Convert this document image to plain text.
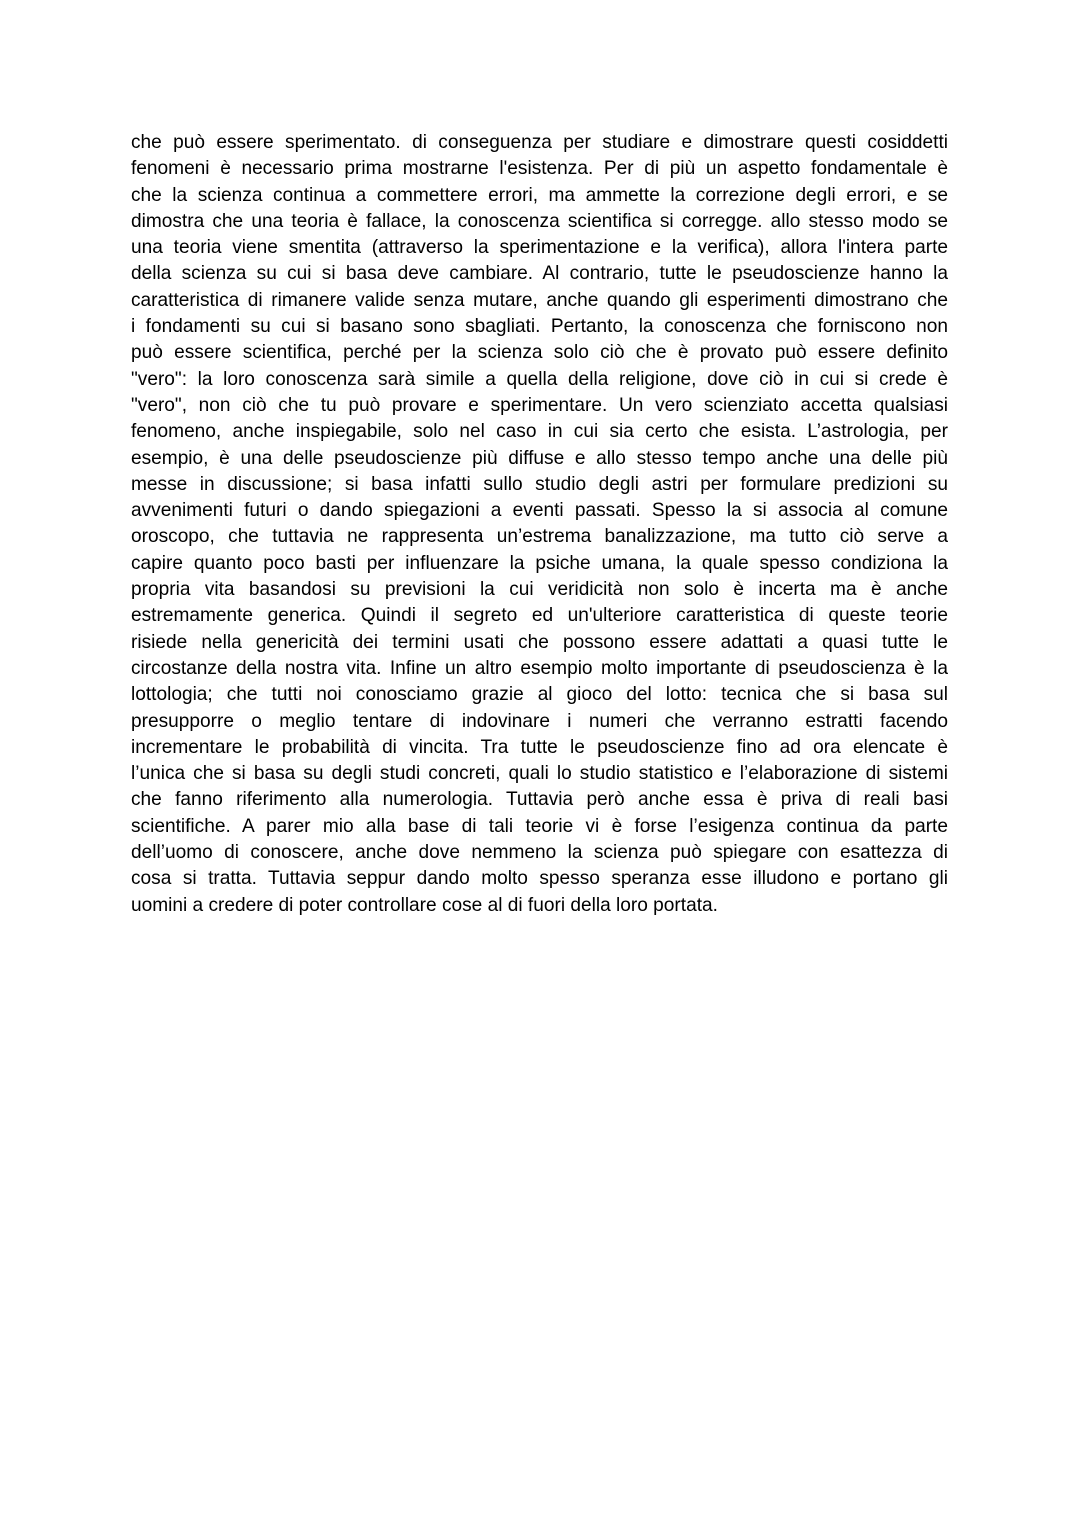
che può essere sperimentato. di conseguenza per studiare e dimostrare questi cosiddetti
fenomeni è necessario prima mostrarne l'esistenza. Per di più un aspetto fondamentale è
che la scienza continua a commettere errori, ma ammette la correzione degli errori, e se
dimostra che una teoria è fallace, la conoscenza scientifica si corregge. allo stesso modo se
una teoria viene smentita (attraverso la sperimentazione e la verifica), allora l'intera parte
della scienza su cui si basa deve cambiare. Al contrario, tutte le pseudoscienze hanno la
caratteristica di rimanere valide senza mutare, anche quando gli esperimenti dimostrano che
i fondamenti su cui si basano sono sbagliati. Pertanto, la conoscenza che forniscono non
può essere scientifica, perché per la scienza solo ciò che è provato può essere definito
"vero": la loro conoscenza sarà simile a quella della religione, dove ciò in cui si crede è
"vero", non ciò che tu può provare e sperimentare. Un vero scienziato accetta qualsiasi
fenomeno, anche inspiegabile, solo nel caso in cui sia certo che esista. L’astrologia, per
esempio, è una delle pseudoscienze più diffuse e allo stesso tempo anche una delle più
messe in discussione; si basa infatti sullo studio degli astri per formulare predizioni su
avvenimenti futuri o dando spiegazioni a eventi passati. Spesso la si associa al comune
oroscopo, che tuttavia ne rappresenta un’estrema banalizzazione, ma tutto ciò serve a
capire quanto poco basti per influenzare la psiche umana, la quale spesso condiziona la
propria vita basandosi su previsioni la cui veridicità non solo è incerta ma è anche
estremamente generica. Quindi il segreto ed un'ulteriore caratteristica di queste teorie
risiede nella genericità dei termini usati che possono essere adattati a quasi tutte le
circostanze della nostra vita. Infine un altro esempio molto importante di pseudoscienza è la
lottologia; che tutti noi conosciamo grazie al gioco del lotto: tecnica che si basa sul
presupporre o meglio tentare di indovinare i numeri che verranno estratti facendo
incrementare le probabilità di vincita. Tra tutte le pseudoscienze fino ad ora elencate è
l’unica che si basa su degli studi concreti, quali lo studio statistico e l’elaborazione di sistemi
che fanno riferimento alla numerologia. Tuttavia però anche essa è priva di reali basi
scientifiche. A parer mio alla base di tali teorie vi è forse l’esigenza continua da parte
dell’uomo di conoscere, anche dove nemmeno la scienza può spiegare con esattezza di
cosa si tratta. Tuttavia seppur dando molto spesso speranza esse illudono e portano gli
uomini a credere di poter controllare cose al di fuori della loro portata.
